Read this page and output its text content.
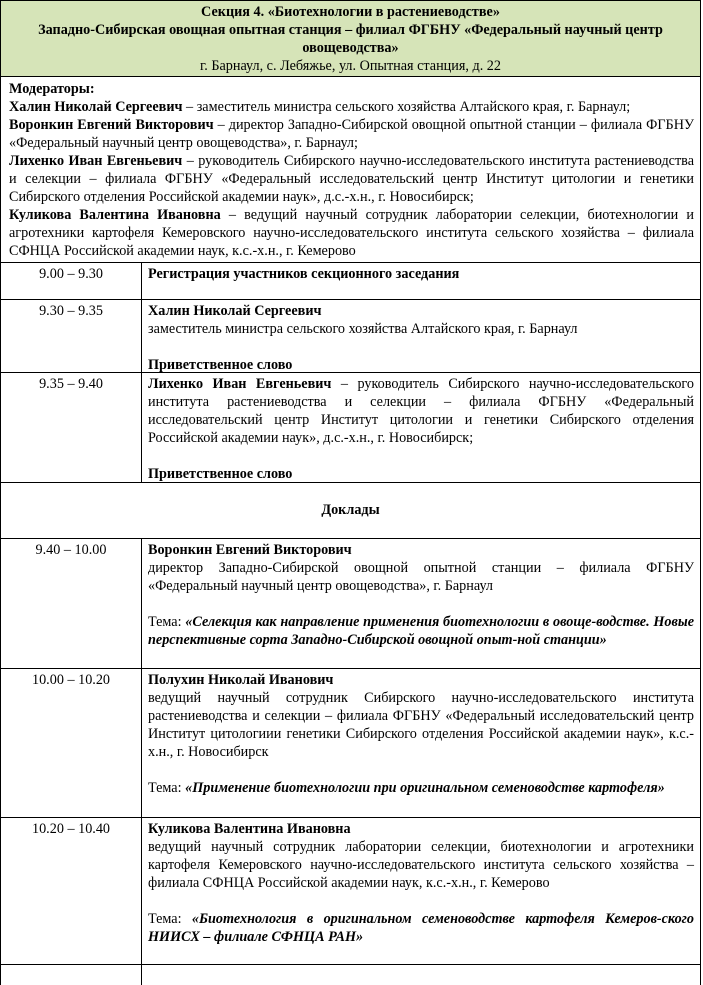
Секция 4. «Биотехнологии в растениеводстве»
Западно-Сибирская овощная опытная станция – филиал ФГБНУ «Федеральный научный центр овощеводства»
г. Барнаул, с. Лебяжье, ул. Опытная станция, д. 22
Модераторы:

Халин Николай Сергеевич – заместитель министра сельского хозяйства Алтайского края, г. Барнаул;

Воронкин Евгений Викторович – директор Западно-Сибирской овощной опытной станции – филиала ФГБНУ «Федеральный научный центр овощеводства», г. Барнаул;

Лихенко Иван Евгеньевич – руководитель Сибирского научно-исследовательского института растениеводства и селекции – филиала ФГБНУ «Федеральный исследовательский центр Институт цитологии и генетики Сибирского отделения Российской академии наук», д.с.-х.н., г. Новосибирск;

Куликова Валентина Ивановна – ведущий научный сотрудник лаборатории селекции, биотехнологии и агротехники картофеля Кемеровского научно-исследовательского института сельского хозяйства – филиала СФНЦА Российской академии наук, к.с.-х.н., г. Кемерово

9.00 – 9.30	Регистрация участников секционного заседания
9.30 – 9.35	Халин Николай Сергеевич
заместитель министра сельского хозяйства Алтайского края, г. Барнаул
Приветственное слово
9.35 – 9.40	Лихенко Иван Евгеньевич – руководитель Сибирского научно-исследовательского института растениеводства и селекции – филиала ФГБНУ «Федеральный исследовательский центр Институт цитологии и генетики Сибирского отделения Российской академии наук», д.с.-х.н., г. Новосибирск;
Приветственное слово
Доклады
9.40 – 10.00	Воронкин Евгений Викторович
директор Западно-Сибирской овощной опытной станции – филиала ФГБНУ «Федеральный научный центр овощеводства», г. Барнаул
Тема: «Селекция как направление применения биотехнологии в овоще-водстве. Новые перспективные сорта Западно-Сибирской овощной опыт-ной станции»
10.00 – 10.20	Полухин Николай Иванович
ведущий научный сотрудник Сибирского научно-исследовательского института растениеводства и селекции – филиала ФГБНУ «Федеральный исследовательский центр Институт цитологиии генетики Сибирского отделения Российской академии наук», к.с.-х.н., г. Новосибирск
Тема: «Применение биотехнологии при оригинальном семеноводстве картофеля»
10.20 – 10.40	Куликова Валентина Ивановна
ведущий научный сотрудник лаборатории селекции, биотехнологии и агротехники картофеля Кемеровского научно-исследовательского института сельского хозяйства – филиала СФНЦА Российской академии наук, к.с.-х.н., г. Кемерово
Тема: «Биотехнология в оригинальном семеноводстве картофеля Кемеров-ского НИИСХ – филиале СФНЦА РАН»
